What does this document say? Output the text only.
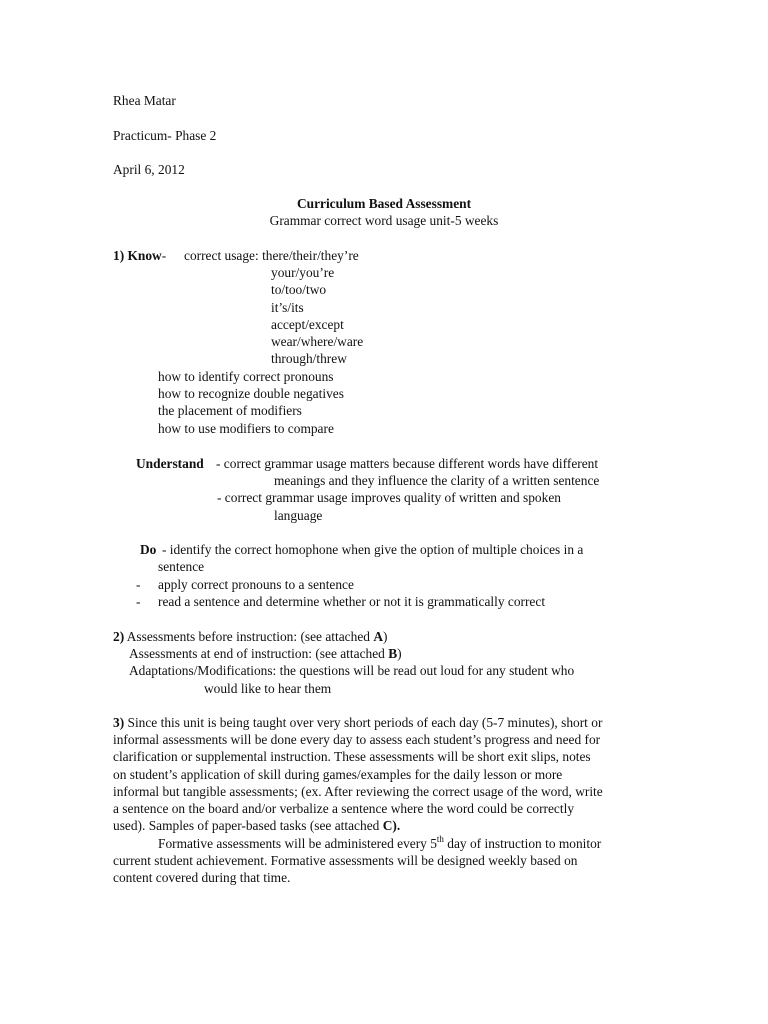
Rhea Matar
Practicum- Phase 2
April 6, 2012
Curriculum Based Assessment
Grammar correct word usage unit-5 weeks
1) Know- correct usage: there/their/they’re
your/you’re
to/too/two
it’s/its
accept/except
wear/where/ware
through/threw
how to identify correct pronouns
how to recognize double negatives
the placement of modifiers
how to use modifiers to compare
Understand - correct grammar usage matters because different words have different
meanings and they influence the clarity of a written sentence
- correct grammar usage improves quality of written and spoken
language
Do - identify the correct homophone when give the option of multiple choices in a
sentence
- apply correct pronouns to a sentence
- read a sentence and determine whether or not it is grammatically correct
2) Assessments before instruction: (see attached A)
Assessments at end of instruction: (see attached B)
Adaptations/Modifications: the questions will be read out loud for any student who
would like to hear them
3) Since this unit is being taught over very short periods of each day (5-7 minutes), short or
informal assessments will be done every day to assess each student’s progress and need for
clarification or supplemental instruction. These assessments will be short exit slips, notes
on student’s application of skill during games/examples for the daily lesson or more
informal but tangible assessments; (ex. After reviewing the correct usage of the word, write
a sentence on the board and/or verbalize a sentence where the word could be correctly
used). Samples of paper-based tasks (see attached C).
Formative assessments will be administered every 5th day of instruction to monitor
current student achievement. Formative assessments will be designed weekly based on
content covered during that time.
